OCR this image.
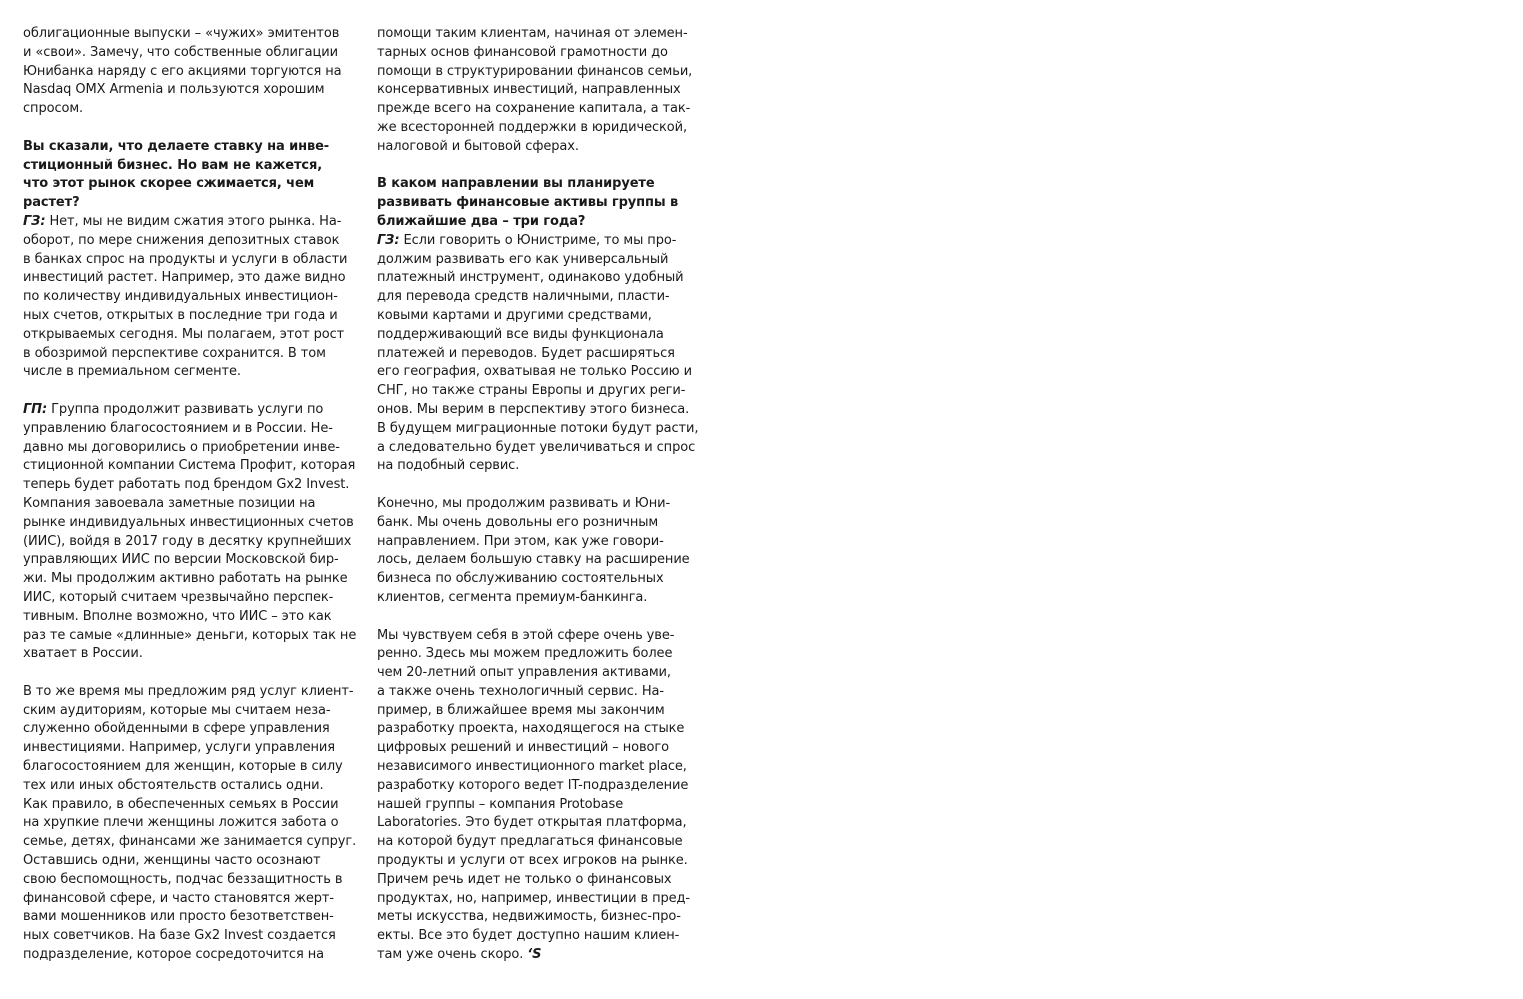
облигационные выпуски – «чужих» эмитентов
и «свои». Замечу, что собственные облигации
Юнибанка наряду с его акциями торгуются на
Nasdaq OMX Armenia и пользуются хорошим
спросом.
Вы сказали, что делаете ставку на инве-
стиционный бизнес. Но вам не кажется,
что этот рынок скорее сжимается, чем
растет?
ГЗ: Нет, мы не видим сжатия этого рынка. На-
оборот, по мере снижения депозитных ставок
в банках спрос на продукты и услуги в области
инвестиций растет. Например, это даже видно
по количеству индивидуальных инвестицион-
ных счетов, открытых в последние три года и
открываемых сегодня. Мы полагаем, этот рост
в обозримой перспективе сохранится. В том
числе в премиальном сегменте.
ГП: Группа продолжит развивать услуги по
управлению благосостоянием и в России. Не-
давно мы договорились о приобретении инве-
стиционной компании Система Профит, которая
теперь будет работать под брендом Gx2 Invest.
Компания завоевала заметные позиции на
рынке индивидуальных инвестиционных счетов
(ИИС), войдя в 2017 году в десятку крупнейших
управляющих ИИС по версии Московской бир-
жи. Мы продолжим активно работать на рынке
ИИС, который считаем чрезвычайно перспек-
тивным. Вполне возможно, что ИИС – это как
раз те самые «длинные» деньги, которых так не
хватает в России.
В то же время мы предложим ряд услуг клиент-
ским аудиториям, которые мы считаем неза-
служенно обойденными в сфере управления
инвестициями. Например, услуги управления
благосостоянием для женщин, которые в силу
тех или иных обстоятельств остались одни.
Как правило, в обеспеченных семьях в России
на хрупкие плечи женщины ложится забота о
семье, детях, финансами же занимается супруг.
Оставшись одни, женщины часто осознают
свою беспомощность, подчас беззащитность в
финансовой сфере, и часто становятся жерт-
вами мошенников или просто безответствен-
ных советчиков. На базе Gx2 Invest создается
подразделение, которое сосредоточится на
помощи таким клиентам, начиная от элемен-
тарных основ финансовой грамотности до
помощи в структурировании финансов семьи,
консервативных инвестиций, направленных
прежде всего на сохранение капитала, а так-
же всесторонней поддержки в юридической,
налоговой и бытовой сферах.
В каком направлении вы планируете
развивать финансовые активы группы в
ближайшие два – три года?
ГЗ: Если говорить о Юнистриме, то мы про-
должим развивать его как универсальный
платежный инструмент, одинаково удобный
для перевода средств наличными, пласти-
ковыми картами и другими средствами,
поддерживающий все виды функционала
платежей и переводов. Будет расширяться
его география, охватывая не только Россию и
СНГ, но также страны Европы и других реги-
онов. Мы верим в перспективу этого бизнеса.
В будущем миграционные потоки будут расти,
а следовательно будет увеличиваться и спрос
на подобный сервис.
Конечно, мы продолжим развивать и Юни-
банк. Мы очень довольны его розничным
направлением. При этом, как уже говори-
лось, делаем большую ставку на расширение
бизнеса по обслуживанию состоятельных
клиентов, сегмента премиум-банкинга.
Мы чувствуем себя в этой сфере очень уве-
ренно. Здесь мы можем предложить более
чем 20-летний опыт управления активами,
а также очень технологичный сервис. На-
пример, в ближайшее время мы закончим
разработку проекта, находящегося на стыке
цифровых решений и инвестиций – нового
независимого инвестиционного market place,
разработку которого ведет IT-подразделение
нашей группы – компания Protobase
Laboratories. Это будет открытая платформа,
на которой будут предлагаться финансовые
продукты и услуги от всех игроков на рынке.
Причем речь идет не только о финансовых
продуктах, но, например, инвестиции в пред-
меты искусства, недвижимость, бизнес-про-
екты. Все это будет доступно нашим клиен-
там уже очень скоро. ‘S
